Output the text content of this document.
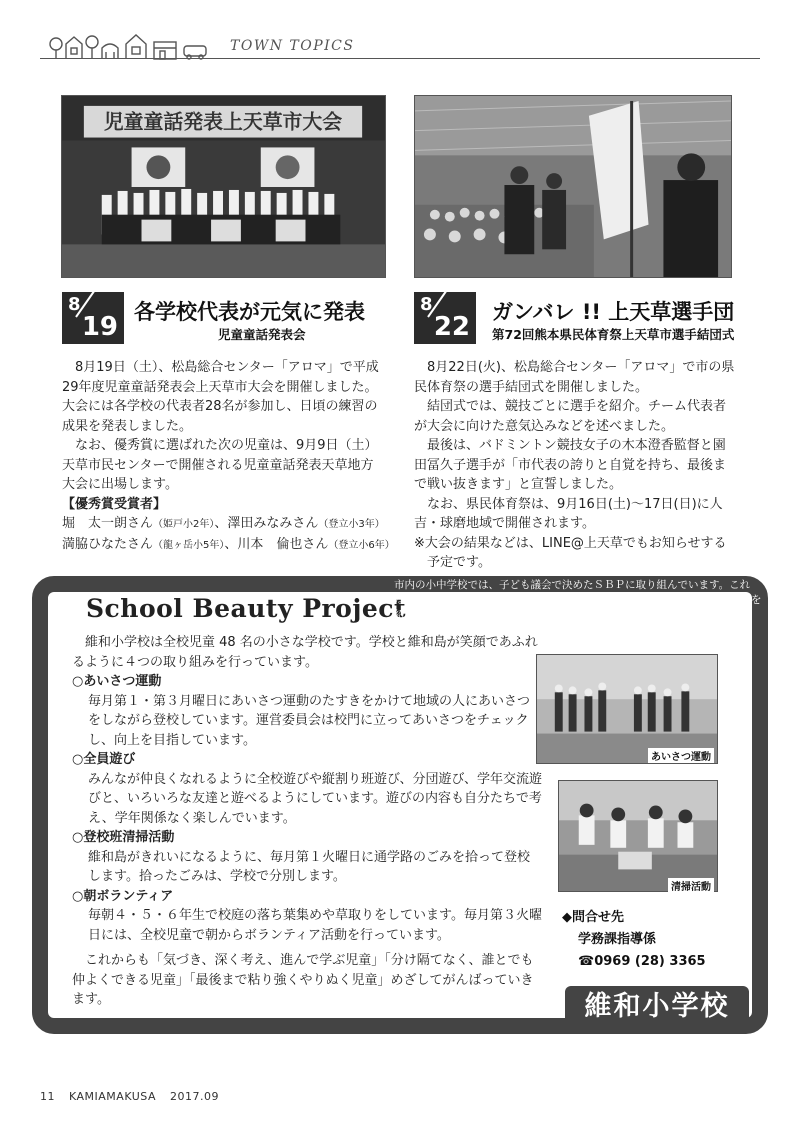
TOWN TOPICS
児童童話発表上天草市大会
8
19 各学校代表が元気に発表
児童童話発表会

8月19日（土）、松島総合センター「アロマ」で平成29年度児童童話発表会上天草市大会を開催しました。大会には各学校の代表者28名が参加し、日頃の練習の成果を発表しました。

なお、優秀賞に選ばれた次の児童は、9月9日（土）天草市民センターで開催される児童童話発表天草地方大会に出場します。

【優秀賞受賞者】

堀　太一朗さん（姫戸小2年）、澤田みなみさん（登立小3年）

満脇ひなたさん（龍ヶ岳小5年）、川本　倫也さん（登立小6年）

8
22 ガンバレ !! 上天草選手団
第72回熊本県民体育祭上天草市選手結団式

8月22日(火)、松島総合センター「アロマ」で市の県民体育祭の選手結団式を開催しました。

結団式では、競技ごとに選手を紹介。チーム代表者が大会に向けた意気込みなどを述べました。

最後は、バドミントン競技女子の木本澄香監督と園田冨久子選手が「市代表の誇りと自覚を持ち、最後まで戦い抜きます」と宣誓しました。

なお、県民体育祭は、9月16日(土)～17日(日)に人吉・球磨地域で開催されます。

※大会の結果などは、LINE@上天草でもお知らせする予定です。

School Beauty Project
市内の小中学校では、子ども議会で決めたＳＢＰに取り組んでいます。これは、学校の環境や児童生徒の心を美しくしようという活動。各学校の取組みを紹介します。

維和小学校は全校児童 48 名の小さな学校です。学校と維和島が笑顔であふれるように４つの取り組みを行っています。

○あいさつ運動

毎月第１・第３月曜日にあいさつ運動のたすきをかけて地域の人にあいさつをしながら登校しています。運営委員会は校門に立ってあいさつをチェックし、向上を目指しています。

○全員遊び

みんなが仲良くなれるように全校遊びや縦割り班遊び、分団遊び、学年交流遊びと、いろいろな友達と遊べるようにしています。遊びの内容も自分たちで考え、学年関係なく楽しんでいます。

○登校班清掃活動

維和島がきれいになるように、毎月第１火曜日に通学路のごみを拾って登校します。拾ったごみは、学校で分別します。

○朝ボランティア

毎朝４・５・６年生で校庭の落ち葉集めや草取りをしています。毎月第３火曜日には、全校児童で朝からボランティア活動を行っています。

これからも「気づき、深く考え、進んで学ぶ児童」「分け隔てなく、誰とでも仲よくできる児童」「最後まで粘り強くやりぬく児童」めざしてがんばっていきます。

あいさつ運動
清掃活動
◆問合せ先
学務課指導係
☎0969 (28) 3365
維和小学校
11 KAMIAMAKUSA 2017.09
